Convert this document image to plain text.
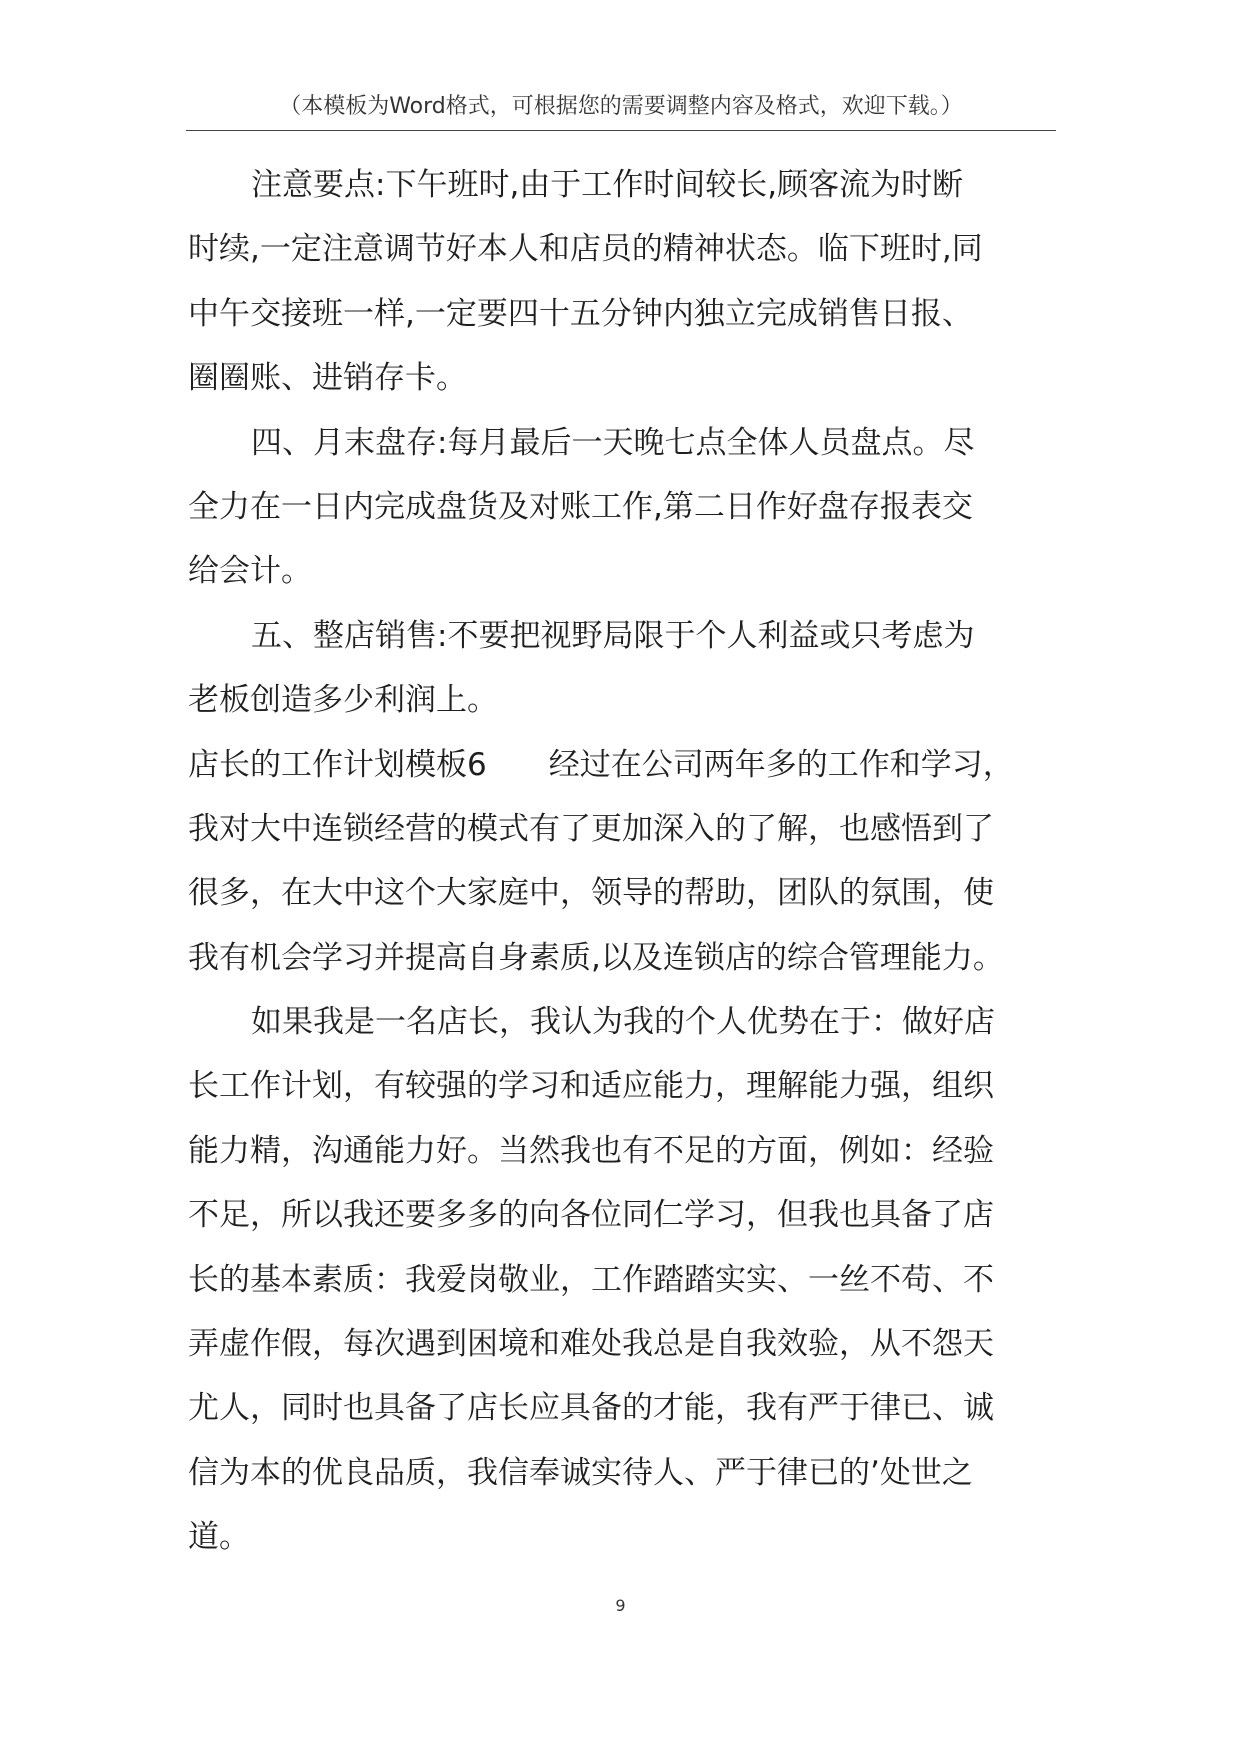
（本模板为Word格式，可根据您的需要调整内容及格式，欢迎下载。）
注意要点:下午班时,由于工作时间较长,顾客流为时断
时续,一定注意调节好本人和店员的精神状态。临下班时,同
中午交接班一样,一定要四十五分钟内独立完成销售日报、
圈圈账、进销存卡。
四、月末盘存:每月最后一天晚七点全体人员盘点。尽
全力在一日内完成盘货及对账工作,第二日作好盘存报表交
给会计。
五、整店销售:不要把视野局限于个人利益或只考虑为
老板创造多少利润上。
店长的工作计划模板6　　经过在公司两年多的工作和学习，
我对大中连锁经营的模式有了更加深入的了解，也感悟到了
很多，在大中这个大家庭中，领导的帮助，团队的氛围，使
我有机会学习并提高自身素质,以及连锁店的综合管理能力。
如果我是一名店长，我认为我的个人优势在于：做好店
长工作计划，有较强的学习和适应能力，理解能力强，组织
能力精，沟通能力好。当然我也有不足的方面，例如：经验
不足，所以我还要多多的向各位同仁学习，但我也具备了店
长的基本素质：我爱岗敬业，工作踏踏实实、一丝不苟、不
弄虚作假，每次遇到困境和难处我总是自我效验，从不怨天
尤人，同时也具备了店长应具备的才能，我有严于律已、诚
信为本的优良品质，我信奉诚实待人、严于律已的’处世之
道。
9
